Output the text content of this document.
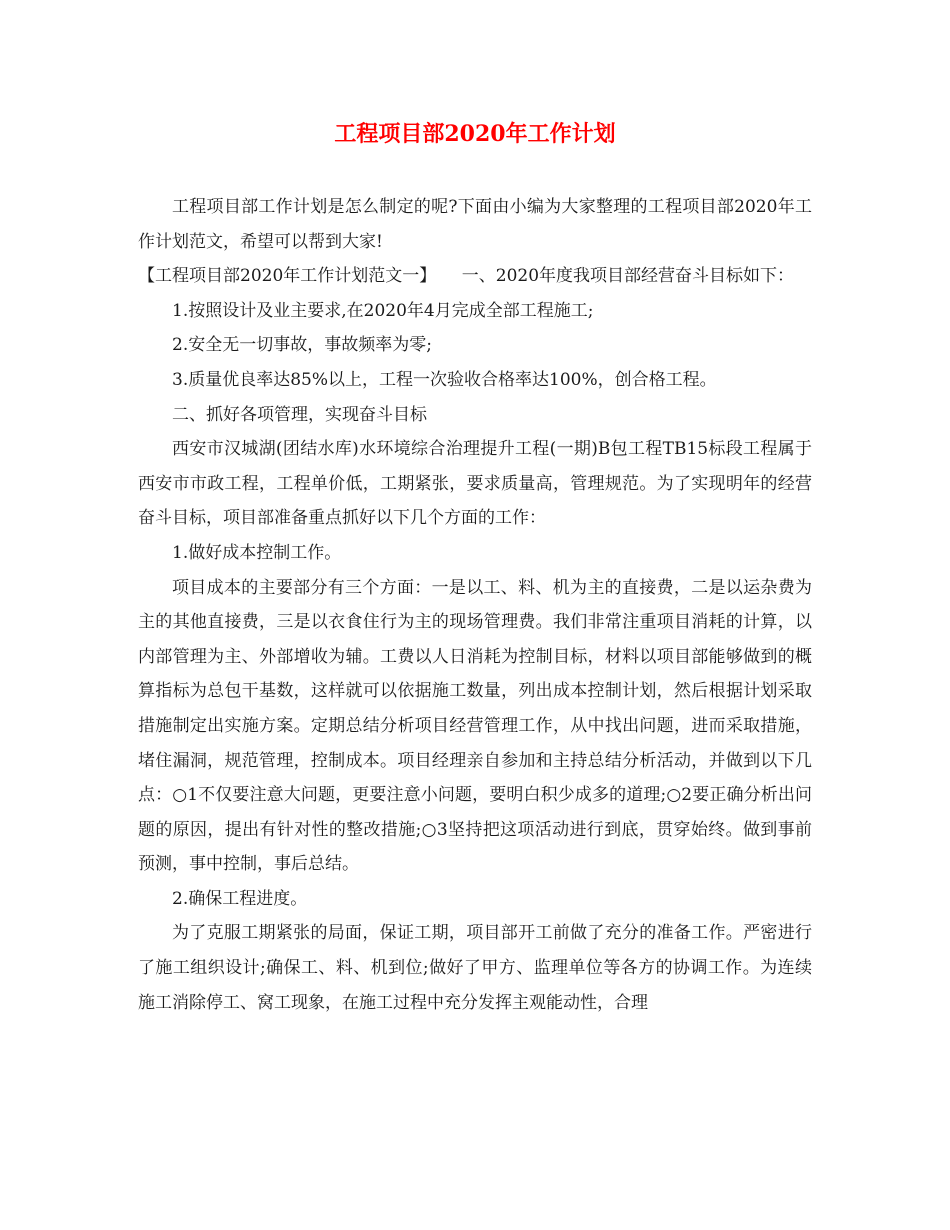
工程项目部2020年工作计划

工程项目部工作计划是怎么制定的呢?下面由小编为大家整理的工程项目部2020年工作计划范文，希望可以帮到大家!

【工程项目部2020年工作计划范文一】　　一、2020年度我项目部经营奋斗目标如下：

1.按照设计及业主要求,在2020年4月完成全部工程施工;

2.安全无一切事故，事故频率为零;

3.质量优良率达85%以上，工程一次验收合格率达100%，创合格工程。

二、抓好各项管理，实现奋斗目标

西安市汉城湖(团结水库)水环境综合治理提升工程(一期)B包工程TB15标段工程属于西安市市政工程，工程单价低，工期紧张，要求质量高，管理规范。为了实现明年的经营奋斗目标，项目部准备重点抓好以下几个方面的工作：

1.做好成本控制工作。

项目成本的主要部分有三个方面：一是以工、料、机为主的直接费，二是以运杂费为主的其他直接费，三是以衣食住行为主的现场管理费。我们非常注重项目消耗的计算，以内部管理为主、外部增收为辅。工费以人日消耗为控制目标，材料以项目部能够做到的概算指标为总包干基数，这样就可以依据施工数量，列出成本控制计划，然后根据计划采取措施制定出实施方案。定期总结分析项目经营管理工作，从中找出问题，进而采取措施，堵住漏洞，规范管理，控制成本。项目经理亲自参加和主持总结分析活动，并做到以下几点：○1不仅要注意大问题，更要注意小问题，要明白积少成多的道理;○2要正确分析出问题的原因，提出有针对性的整改措施;○3坚持把这项活动进行到底，贯穿始终。做到事前预测，事中控制，事后总结。

2.确保工程进度。

为了克服工期紧张的局面，保证工期，项目部开工前做了充分的准备工作。严密进行了施工组织设计;确保工、料、机到位;做好了甲方、监理单位等各方的协调工作。为连续施工消除停工、窝工现象，在施工过程中充分发挥主观能动性，合理
